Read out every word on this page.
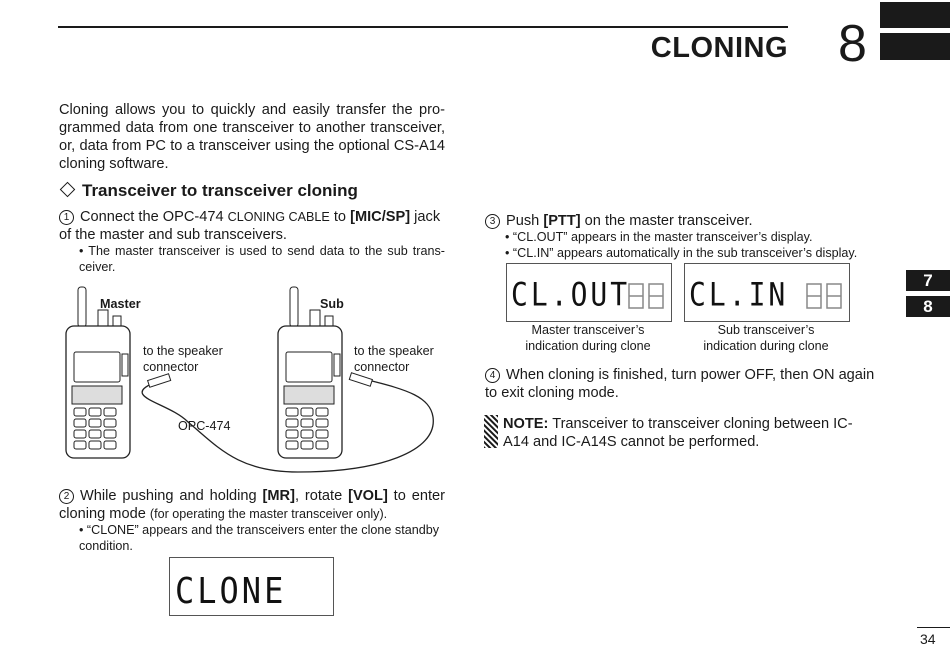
CLONING 8
7
8
Cloning allows you to quickly and easily transfer the pro-grammed data from one transceiver to another transceiver, or, data from PC to a transceiver using the optional CS-A14 cloning software.
Transceiver to transceiver cloning
1 Connect the OPC-474 CLONING CABLE to [MIC/SP] jack of the master and sub transceivers.
• The master transceiver is used to send data to the sub trans-ceiver.
Master	Sub
to the speaker
connector
to the speaker
connector
OPC-474
2 While pushing and holding [MR], rotate [VOL] to enter cloning mode (for operating the master transceiver only).
• “CLONE” appears and the transceivers enter the clone standby condition.
CLONE
3 Push [PTT] on the master transceiver.
• “CL.OUT” appears in the master transceiver’s display.
• “CL.IN” appears automatically in the sub transceiver’s display.
CL.OUT CL.IN
Master transceiver’s
indication during clone
Sub transceiver’s
indication during clone
4 When cloning is finished, turn power OFF, then ON again to exit cloning mode.
NOTE: Transceiver to transceiver cloning between IC-A14 and IC-A14S cannot be performed.
34
